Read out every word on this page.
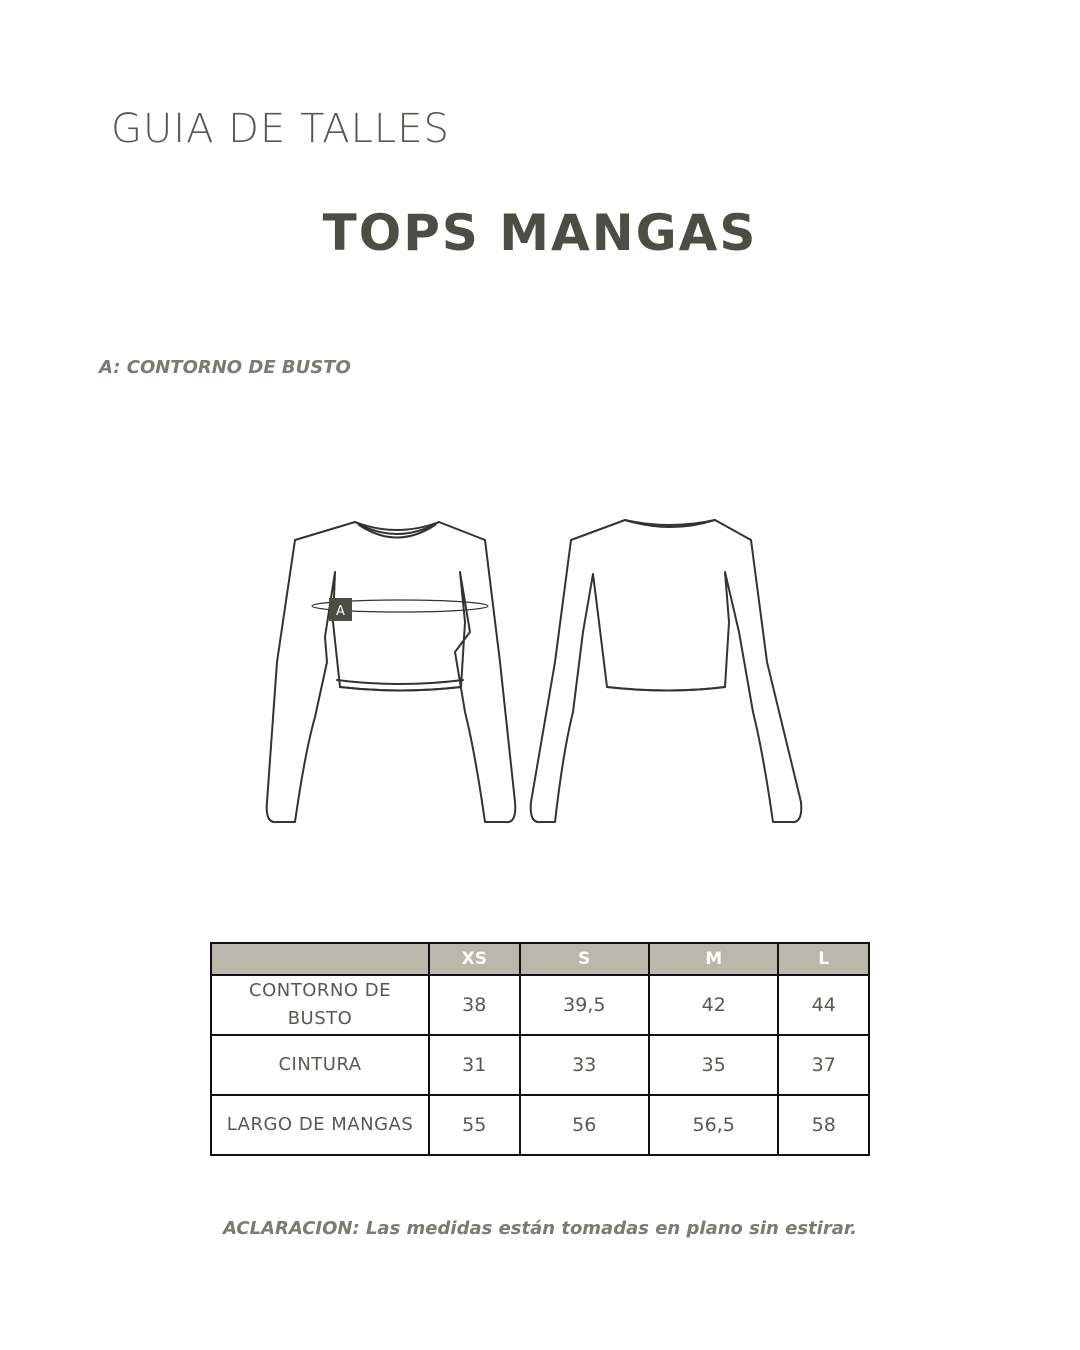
GUIA DE TALLES
TOPS MANGAS
A: CONTORNO DE BUSTO
A
	XS	S	M	L
CONTORNO DE BUSTO	38	39,5	42	44
CINTURA	31	33	35	37
LARGO DE MANGAS	55	56	56,5	58
ACLARACION: Las medidas están tomadas en plano sin estirar.
